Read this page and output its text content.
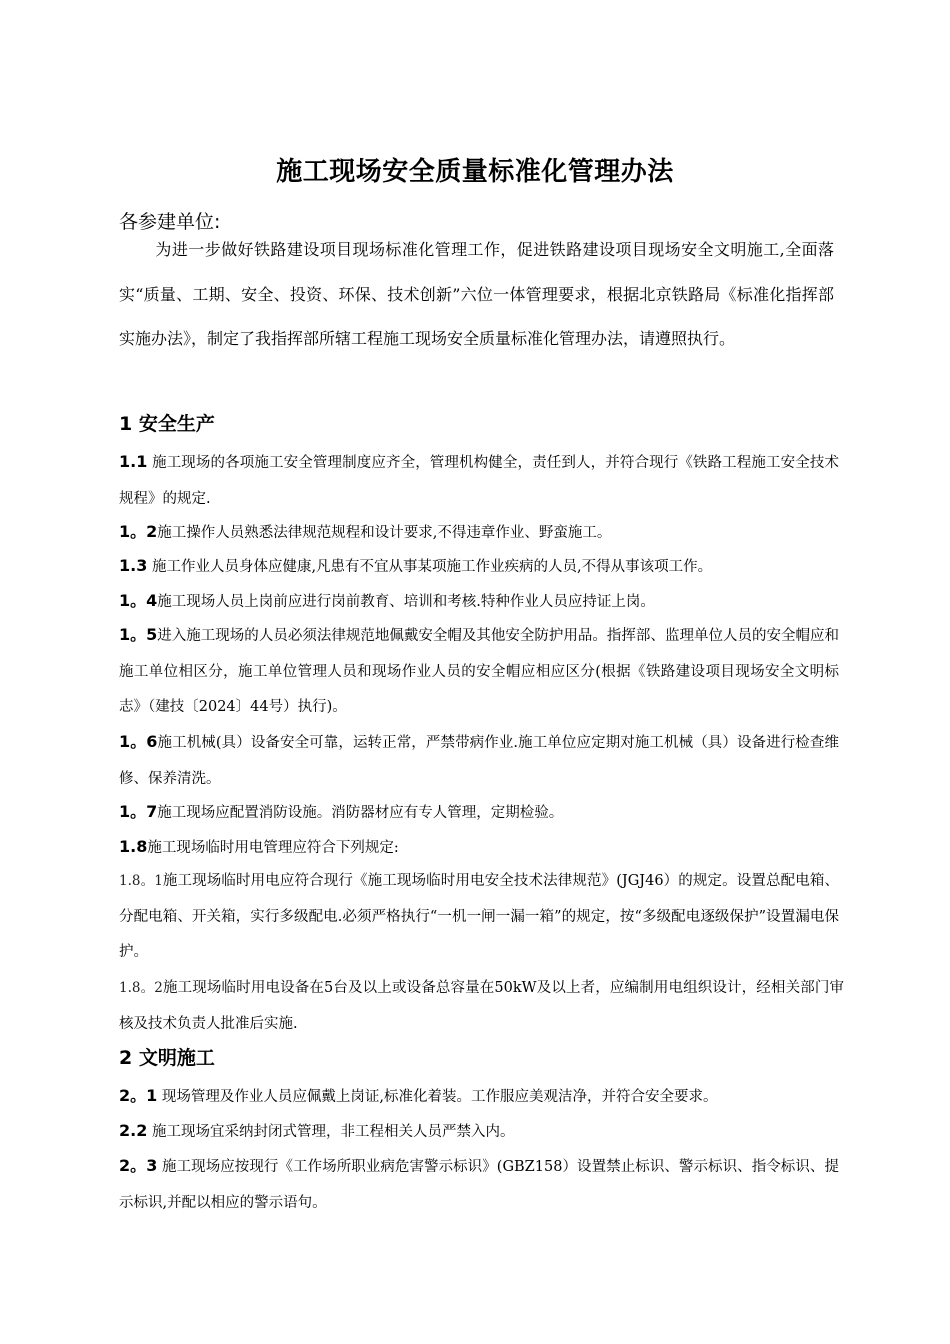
施工现场安全质量标准化管理办法
各参建单位:
为进一步做好铁路建设项目现场标准化管理工作，促进铁路建设项目现场安全文明施工,全面落实“质量、工期、安全、投资、环保、技术创新”六位一体管理要求，根据北京铁路局《标准化指挥部实施办法》，制定了我指挥部所辖工程施工现场安全质量标准化管理办法，请遵照执行。
1 安全生产
1.1 施工现场的各项施工安全管理制度应齐全，管理机构健全，责任到人，并符合现行《铁路工程施工安全技术规程》的规定.
1。2施工操作人员熟悉法律规范规程和设计要求,不得违章作业、野蛮施工。
1.3 施工作业人员身体应健康,凡患有不宜从事某项施工作业疾病的人员,不得从事该项工作。
1。4施工现场人员上岗前应进行岗前教育、培训和考核.特种作业人员应持证上岗。
1。5进入施工现场的人员必须法律规范地佩戴安全帽及其他安全防护用品。指挥部、监理单位人员的安全帽应和施工单位相区分，施工单位管理人员和现场作业人员的安全帽应相应区分(根据《铁路建设项目现场安全文明标志》（建技〔2024〕44号）执行)。
1。6施工机械(具）设备安全可靠，运转正常，严禁带病作业.施工单位应定期对施工机械（具）设备进行检查维修、保养清洗。
1。7施工现场应配置消防设施。消防器材应有专人管理，定期检验。
1.8施工现场临时用电管理应符合下列规定:
1.8。1施工现场临时用电应符合现行《施工现场临时用电安全技术法律规范》(JGJ46）的规定。设置总配电箱、分配电箱、开关箱，实行多级配电.必须严格执行“一机一闸一漏一箱”的规定，按“多级配电逐级保护”设置漏电保护。
1.8。2施工现场临时用电设备在5台及以上或设备总容量在50kW及以上者，应编制用电组织设计，经相关部门审核及技术负责人批准后实施.
2 文明施工
2。1 现场管理及作业人员应佩戴上岗证,标准化着装。工作服应美观洁净，并符合安全要求。
2.2 施工现场宜采纳封闭式管理，非工程相关人员严禁入内。
2。3 施工现场应按现行《工作场所职业病危害警示标识》(GBZ158）设置禁止标识、警示标识、指令标识、提示标识,并配以相应的警示语句。
